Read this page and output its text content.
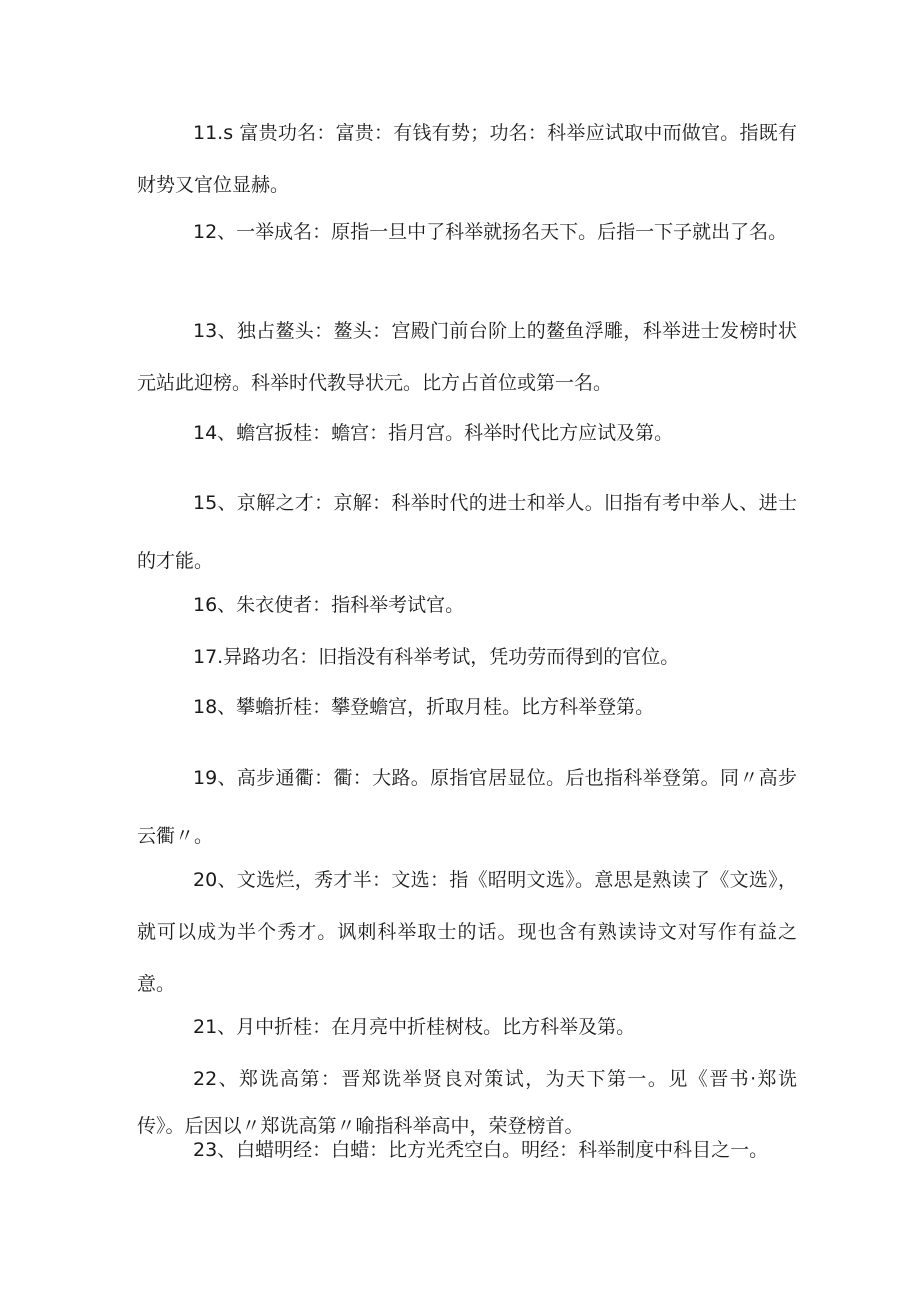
11.s 富贵功名：富贵：有钱有势；功名：科举应试取中而做官。指既有财势又官位显赫。

12、一举成名：原指一旦中了科举就扬名天下。后指一下子就出了名。

13、独占鳌头：鳌头：宫殿门前台阶上的鳌鱼浮雕，科举进士发榜时状元站此迎榜。科举时代教导状元。比方占首位或第一名。

14、蟾宫扳桂：蟾宫：指月宫。科举时代比方应试及第。

15、京解之才：京解：科举时代的进士和举人。旧指有考中举人、进士的才能。

16、朱衣使者：指科举考试官。

17.异路功名：旧指没有科举考试，凭功劳而得到的官位。

18、攀蟾折桂：攀登蟾宫，折取月桂。比方科举登第。

19、高步通衢：衢：大路。原指官居显位。后也指科举登第。同〃高步云衢〃。

20、文选烂，秀才半：文选：指《昭明文选》。意思是熟读了《文选》，就可以成为半个秀才。讽刺科举取士的话。现也含有熟读诗文对写作有益之意。

21、月中折桂：在月亮中折桂树枝。比方科举及第。

22、郑诜高第：晋郑诜举贤良对策试，为天下第一。见《晋书·郑诜传》。后因以〃郑诜高第〃喻指科举高中，荣登榜首。

23、白蜡明经：白蜡：比方光秃空白。明经：科举制度中科目之一。
